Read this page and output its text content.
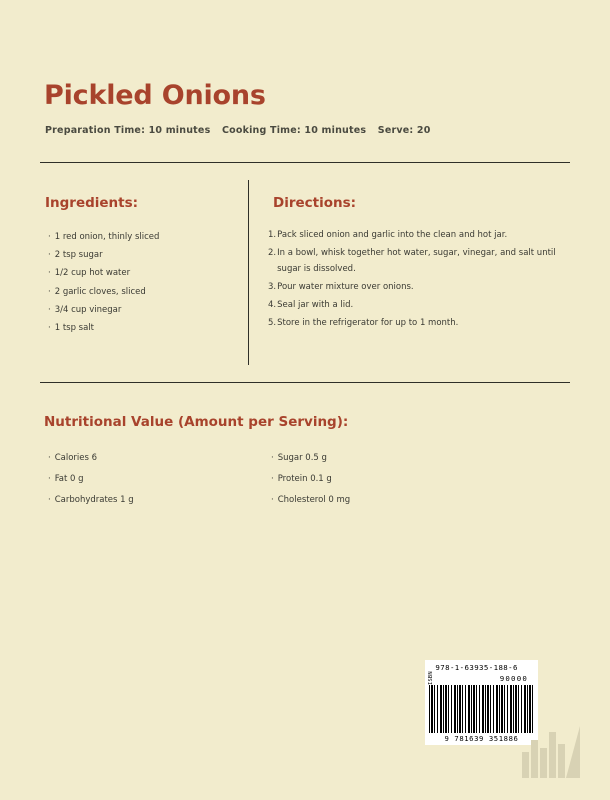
Pickled Onions
Preparation Time: 10 minutes Cooking Time: 10 minutes Serve: 20
Ingredients:	Directions:
· 1 red onion, thinly sliced
· 2 tsp sugar
· 1/2 cup hot water
· 2 garlic cloves, sliced
· 3/4 cup vinegar
· 1 tsp salt
1. Pack sliced onion and garlic into the clean and hot jar.
2. In a bowl, whisk together hot water, sugar, vinegar, and salt until sugar is dissolved.
3. Pour water mixture over onions.
4. Seal jar with a lid.
5. Store in the refrigerator for up to 1 month.
Nutritional Value (Amount per Serving):
· Calories 6
· Fat 0 g
· Carbohydrates 1 g
· Sugar 0.5 g
· Protein 0.1 g
· Cholesterol 0 mg
ISBN
978-1-63935-188-6
90000
9 781639 351886
